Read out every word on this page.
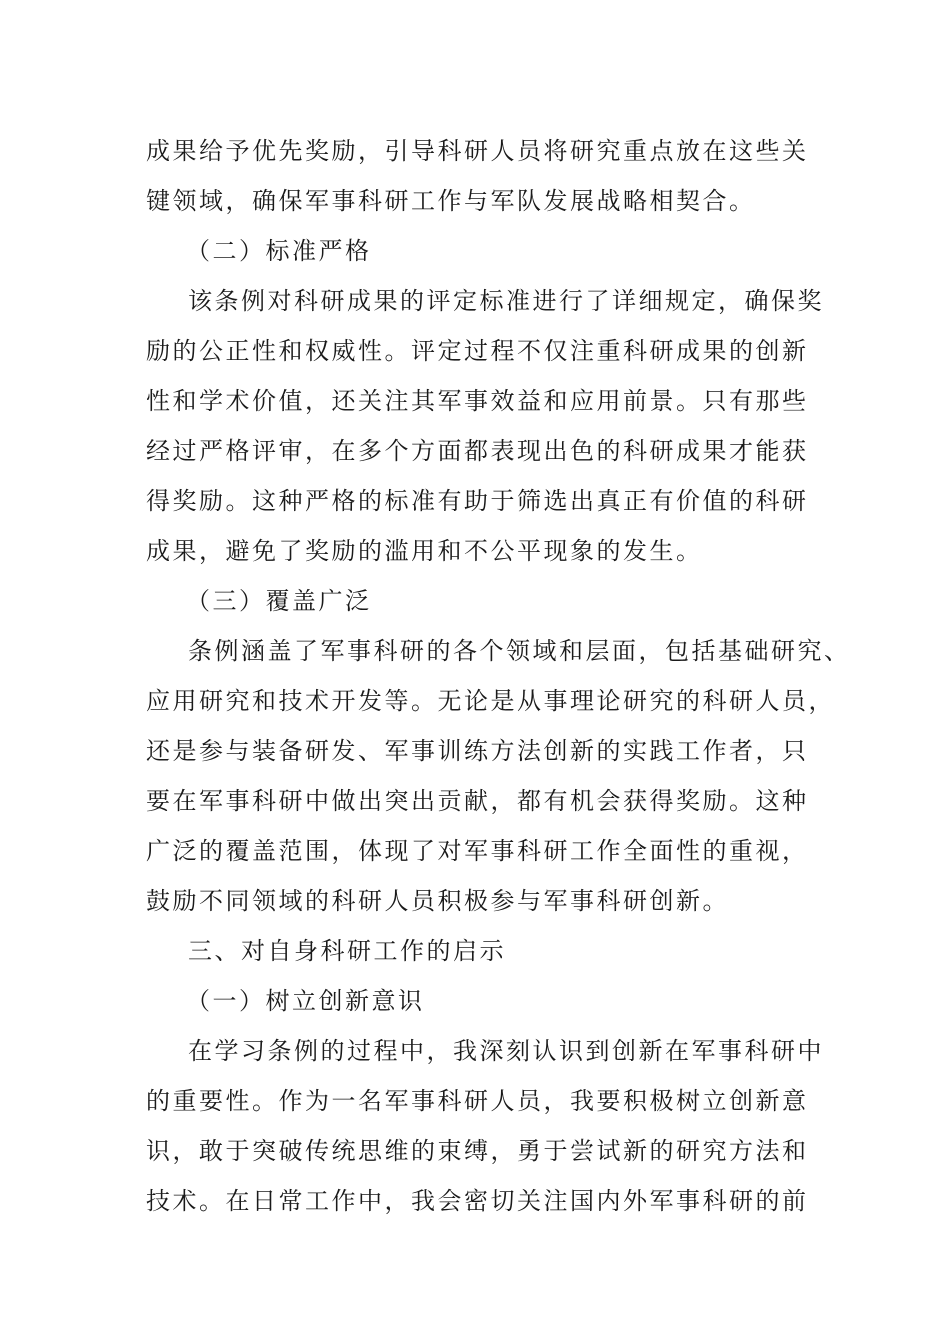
成果给予优先奖励，引导科研人员将研究重点放在这些关
键领域，确保军事科研工作与军队发展战略相契合。
（二）标准严格
该条例对科研成果的评定标准进行了详细规定，确保奖
励的公正性和权威性。评定过程不仅注重科研成果的创新
性和学术价值，还关注其军事效益和应用前景。只有那些
经过严格评审，在多个方面都表现出色的科研成果才能获
得奖励。这种严格的标准有助于筛选出真正有价值的科研
成果，避免了奖励的滥用和不公平现象的发生。
（三）覆盖广泛
条例涵盖了军事科研的各个领域和层面，包括基础研究、
应用研究和技术开发等。无论是从事理论研究的科研人员，
还是参与装备研发、军事训练方法创新的实践工作者，只
要在军事科研中做出突出贡献，都有机会获得奖励。这种
广泛的覆盖范围，体现了对军事科研工作全面性的重视，
鼓励不同领域的科研人员积极参与军事科研创新。
三、对自身科研工作的启示
（一）树立创新意识
在学习条例的过程中，我深刻认识到创新在军事科研中
的重要性。作为一名军事科研人员，我要积极树立创新意
识，敢于突破传统思维的束缚，勇于尝试新的研究方法和
技术。在日常工作中，我会密切关注国内外军事科研的前
